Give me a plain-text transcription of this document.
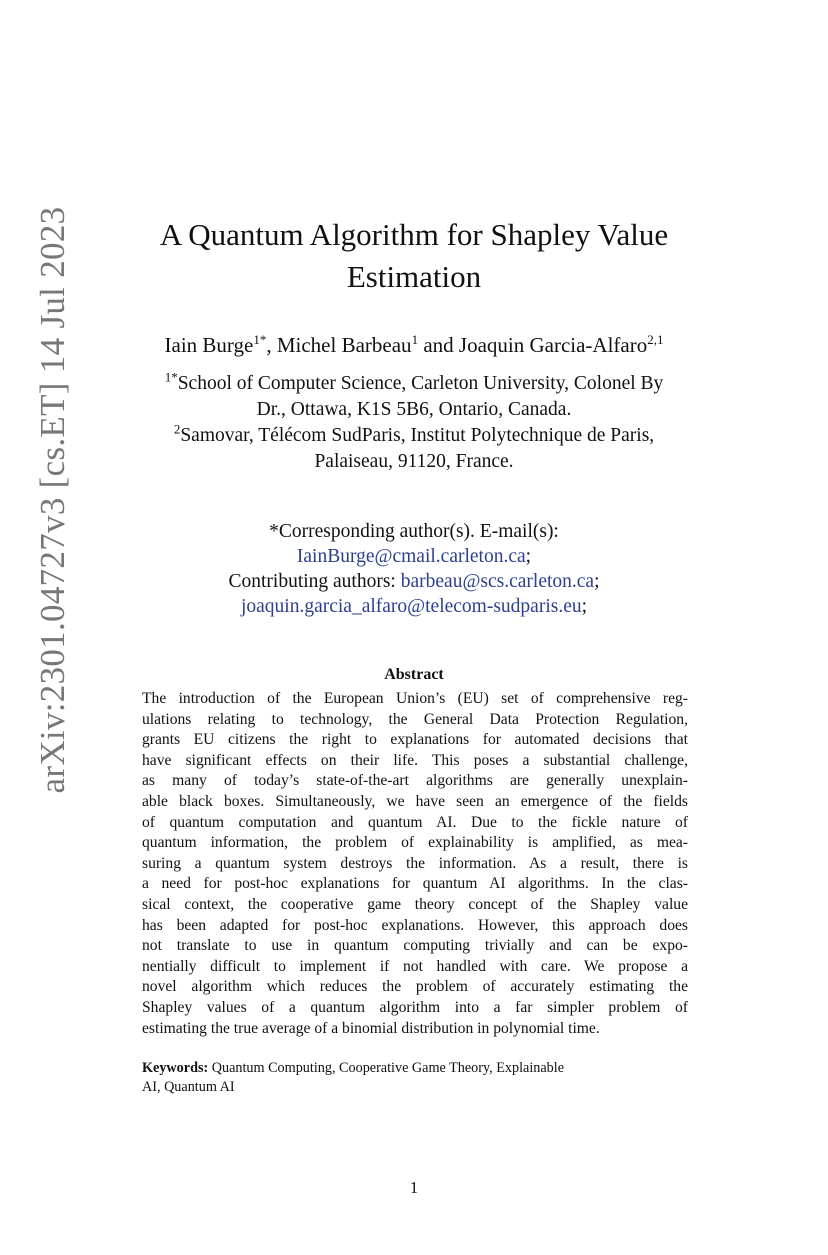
arXiv:2301.04727v3 [cs.ET] 14 Jul 2023	A Quantum Algorithm for Shapley Value
Estimation
Iain Burge$^{1*}$, Michel Barbeau$^1$ and Joaquin Garcia-Alfaro$^{2,1}$
$^{1*}$School of Computer Science, Carleton University, Colonel By
Dr., Ottawa, K1S 5B6, Ontario, Canada.
$^2$Samovar, Télécom SudParis, Institut Polytechnique de Paris,
Palaiseau, 91120, France.
*Corresponding author(s). E-mail(s):
IainBurge@cmail.carleton.ca;
Contributing authors: barbeau@scs.carleton.ca;
joaquin.garcia_alfaro@telecom-sudparis.eu;
Abstract
The introduction of the European Union’s (EU) set of comprehensive reg-
ulations relating to technology, the General Data Protection Regulation,
grants EU citizens the right to explanations for automated decisions that
have significant effects on their life. This poses a substantial challenge,
as many of today’s state-of-the-art algorithms are generally unexplain-
able black boxes. Simultaneously, we have seen an emergence of the fields
of quantum computation and quantum AI. Due to the fickle nature of
quantum information, the problem of explainability is amplified, as mea-
suring a quantum system destroys the information. As a result, there is
a need for post-hoc explanations for quantum AI algorithms. In the clas-
sical context, the cooperative game theory concept of the Shapley value
has been adapted for post-hoc explanations. However, this approach does
not translate to use in quantum computing trivially and can be expo-
nentially difficult to implement if not handled with care. We propose a
novel algorithm which reduces the problem of accurately estimating the
Shapley values of a quantum algorithm into a far simpler problem of
estimating the true average of a binomial distribution in polynomial time.
Keywords: Quantum Computing, Cooperative Game Theory, Explainable
AI, Quantum AI
1
